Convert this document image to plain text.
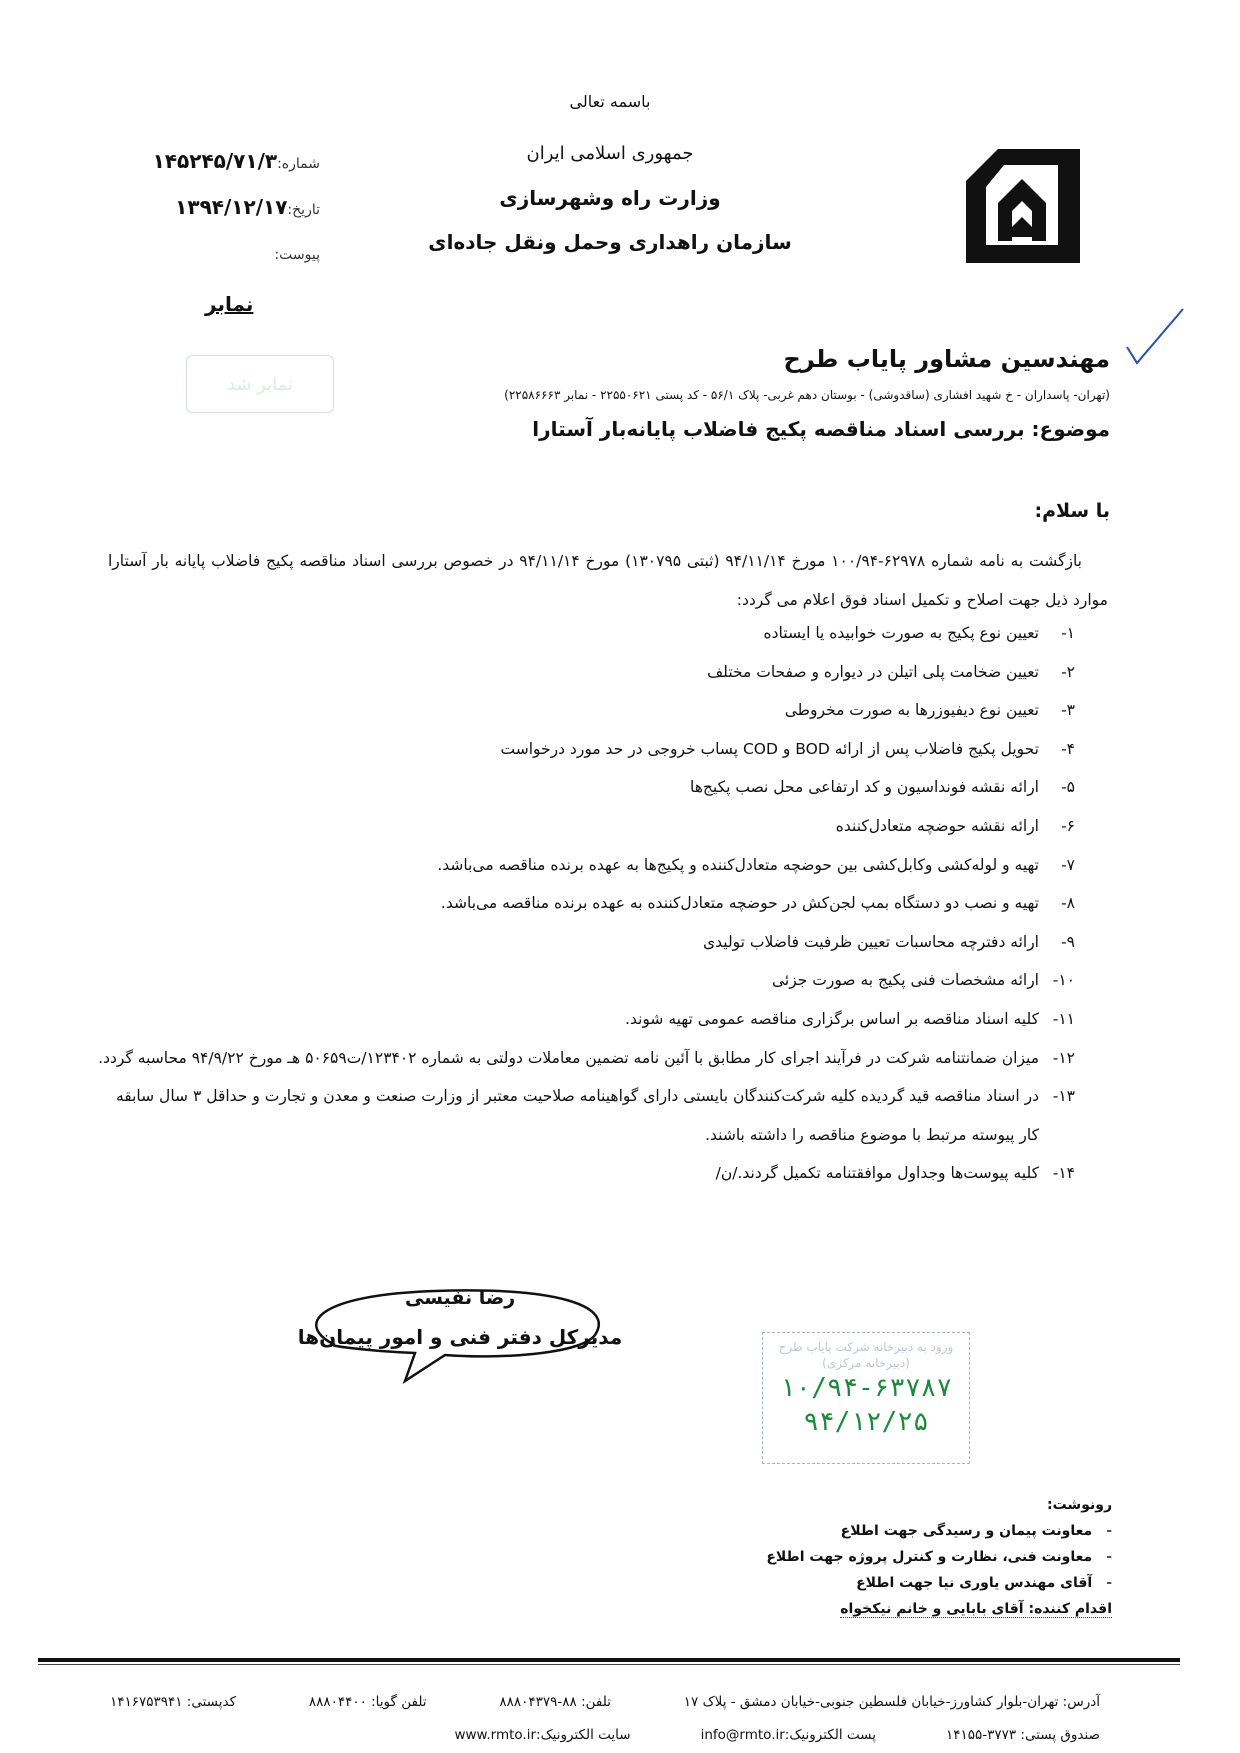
باسمه تعالی
جمهوری اسلامی ایران
وزارت راه وشهرسازی
سازمان راهداری وحمل ونقل جاده‌ای
شماره:۱۴۵۲۴۵/۷۱/۳
تاریخ:۱۳۹۴/۱۲/۱۷
پیوست:
نمابر
نمابر شد
مهندسین مشاور پایاب طرح
(تهران- پاسداران - خ شهید افشاری (ساقدوشی) - بوستان دهم غربی- پلاک ۵۶/۱ - کد پستی ۲۲۵۵۰۶۲۱ - نمابر ۲۲۵۸۶۶۶۳)
موضوع: بررسی اسناد مناقصه پکیج فاضلاب پایانه‌بار آستارا
با سلام:

بازگشت به نامه شماره ۶۲۹۷۸-۱۰۰/۹۴ مورخ ۹۴/۱۱/۱۴ (ثبتی ۱۳۰۷۹۵) مورخ ۹۴/۱۱/۱۴ در خصوص بررسی اسناد مناقصه پکیج فاضلاب پایانه بار آستارا موارد ذیل جهت اصلاح و تکمیل اسناد فوق اعلام می گردد:

۱-
تعیین نوع پکیج به صورت خوابیده یا ایستاده
۲-
تعیین ضخامت پلی اتیلن در دیواره و صفحات مختلف
۳-
تعیین نوع دیفیوزرها به صورت مخروطی
۴-
تحویل پکیج فاضلاب پس از ارائه BOD و COD پساب خروجی در حد مورد درخواست
۵-
ارائه نقشه فونداسیون و کد ارتفاعی محل نصب پکیج‌ها
۶-
ارائه نقشه حوضچه متعادل‌کننده
۷-
تهیه و لوله‌کشی وکابل‌کشی بین حوضچه متعادل‌کننده و پکیج‌ها به عهده برنده مناقصه می‌باشد.
۸-
تهیه و نصب دو دستگاه بمپ لجن‌کش در حوضچه متعادل‌کننده به عهده برنده مناقصه می‌باشد.
۹-
ارائه دفترچه محاسبات تعیین ظرفیت فاضلاب تولیدی
۱۰-
ارائه مشخصات فنی پکیج به صورت جزئی
۱۱-
کلیه اسناد مناقصه بر اساس برگزاری مناقصه عمومی تهیه شوند.
۱۲-
میزان ضمانتنامه شرکت در فرآیند اجرای کار مطابق با آئین نامه تضمین معاملات دولتی به شماره ۱۲۳۴۰۲/ت۵۰۶۵۹ هـ مورخ ۹۴/۹/۲۲ محاسبه گردد.
۱۳-
در اسناد مناقصه قید گردیده کلیه شرکت‌کنندگان بایستی دارای گواهینامه صلاحیت معتبر از وزارت صنعت و معدن و تجارت و حداقل ۳ سال سابقه کار پیوسته مرتبط با موضوع مناقصه را داشته باشند.
۱۴-
کلیه پیوست‌ها وجداول موافقتنامه تکمیل گردند./ن/
رضا نفیسی
مدیرکل دفتر فنی و امور پیمان‌ها	ورود به دبیرخانه شرکت پایاب طرح (دبیرخانه مرکزی)
۱۰/۹۴-۶۳۷۸۷
۹۴/۱۲/۲۵
رونوشت:
-معاونت پیمان و رسیدگی جهت اطلاع
-معاونت فنی، نظارت و کنترل پروژه جهت اطلاع
-آقای مهندس یاوری نیا جهت اطلاع
اقدام کننده: آقای بابایی و خانم نیکخواه
آدرس: تهران-بلوار کشاورز-خیابان فلسطین جنوبی-خیابان دمشق - پلاک ۱۷
تلفن: ۸۸-۸۸۸۰۴۳۷۹
تلفن گویا: ۸۸۸۰۴۴۰۰
کدپستی: ۱۴۱۶۷۵۳۹۴۱
صندوق پستی: ۳۷۷۳-۱۴۱۵۵
پست الکترونیک:info@rmto.ir
سایت الکترونیک:www.rmto.ir
